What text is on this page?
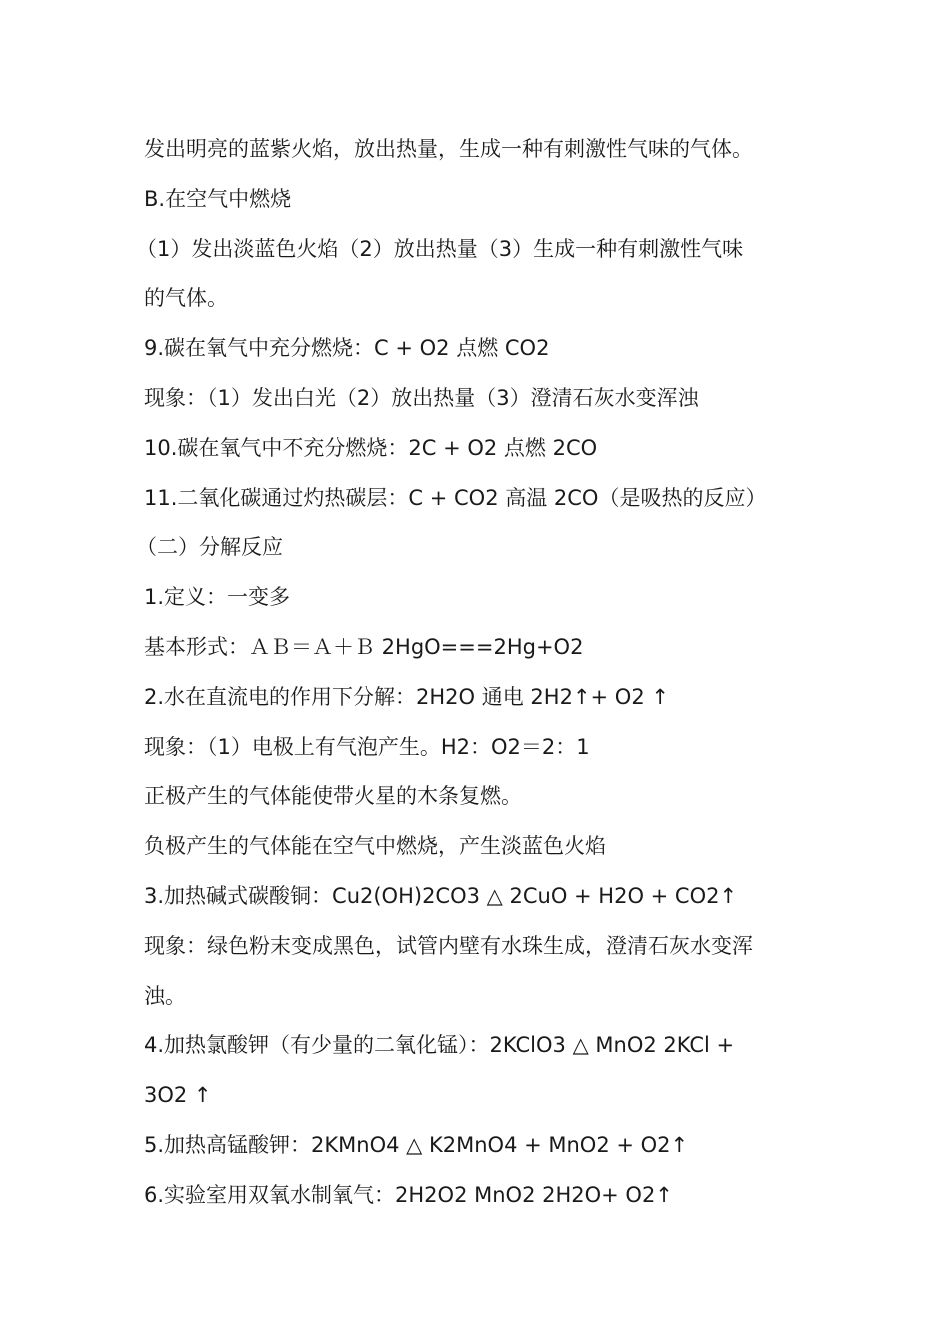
发出明亮的蓝紫火焰，放出热量，生成一种有刺激性气味的气体。
B.在空气中燃烧
（1）发出淡蓝色火焰（2）放出热量（3）生成一种有刺激性气味
的气体。
9.碳在氧气中充分燃烧：C + O2 点燃 CO2
现象：（1）发出白光（2）放出热量（3）澄清石灰水变浑浊
10.碳在氧气中不充分燃烧：2C + O2 点燃 2CO
11.二氧化碳通过灼热碳层：C + CO2 高温 2CO（是吸热的反应）
（二）分解反应
1.定义：一变多
基本形式：ＡＢ＝Ａ＋Ｂ 2HgO===2Hg+O2
2.水在直流电的作用下分解：2H2O 通电 2H2↑+ O2 ↑
现象：（1）电极上有气泡产生。H2：O2＝2：1
正极产生的气体能使带火星的木条复燃。
负极产生的气体能在空气中燃烧，产生淡蓝色火焰
3.加热碱式碳酸铜：Cu2(OH)2CO3 △ 2CuO + H2O + CO2↑
现象：绿色粉末变成黑色，试管内壁有水珠生成，澄清石灰水变浑
浊。
4.加热氯酸钾（有少量的二氧化锰）：2KClO3 △ MnO2 2KCl +
3O2 ↑
5.加热高锰酸钾：2KMnO4 △ K2MnO4 + MnO2 + O2↑
6.实验室用双氧水制氧气：2H2O2 MnO2 2H2O+ O2↑
